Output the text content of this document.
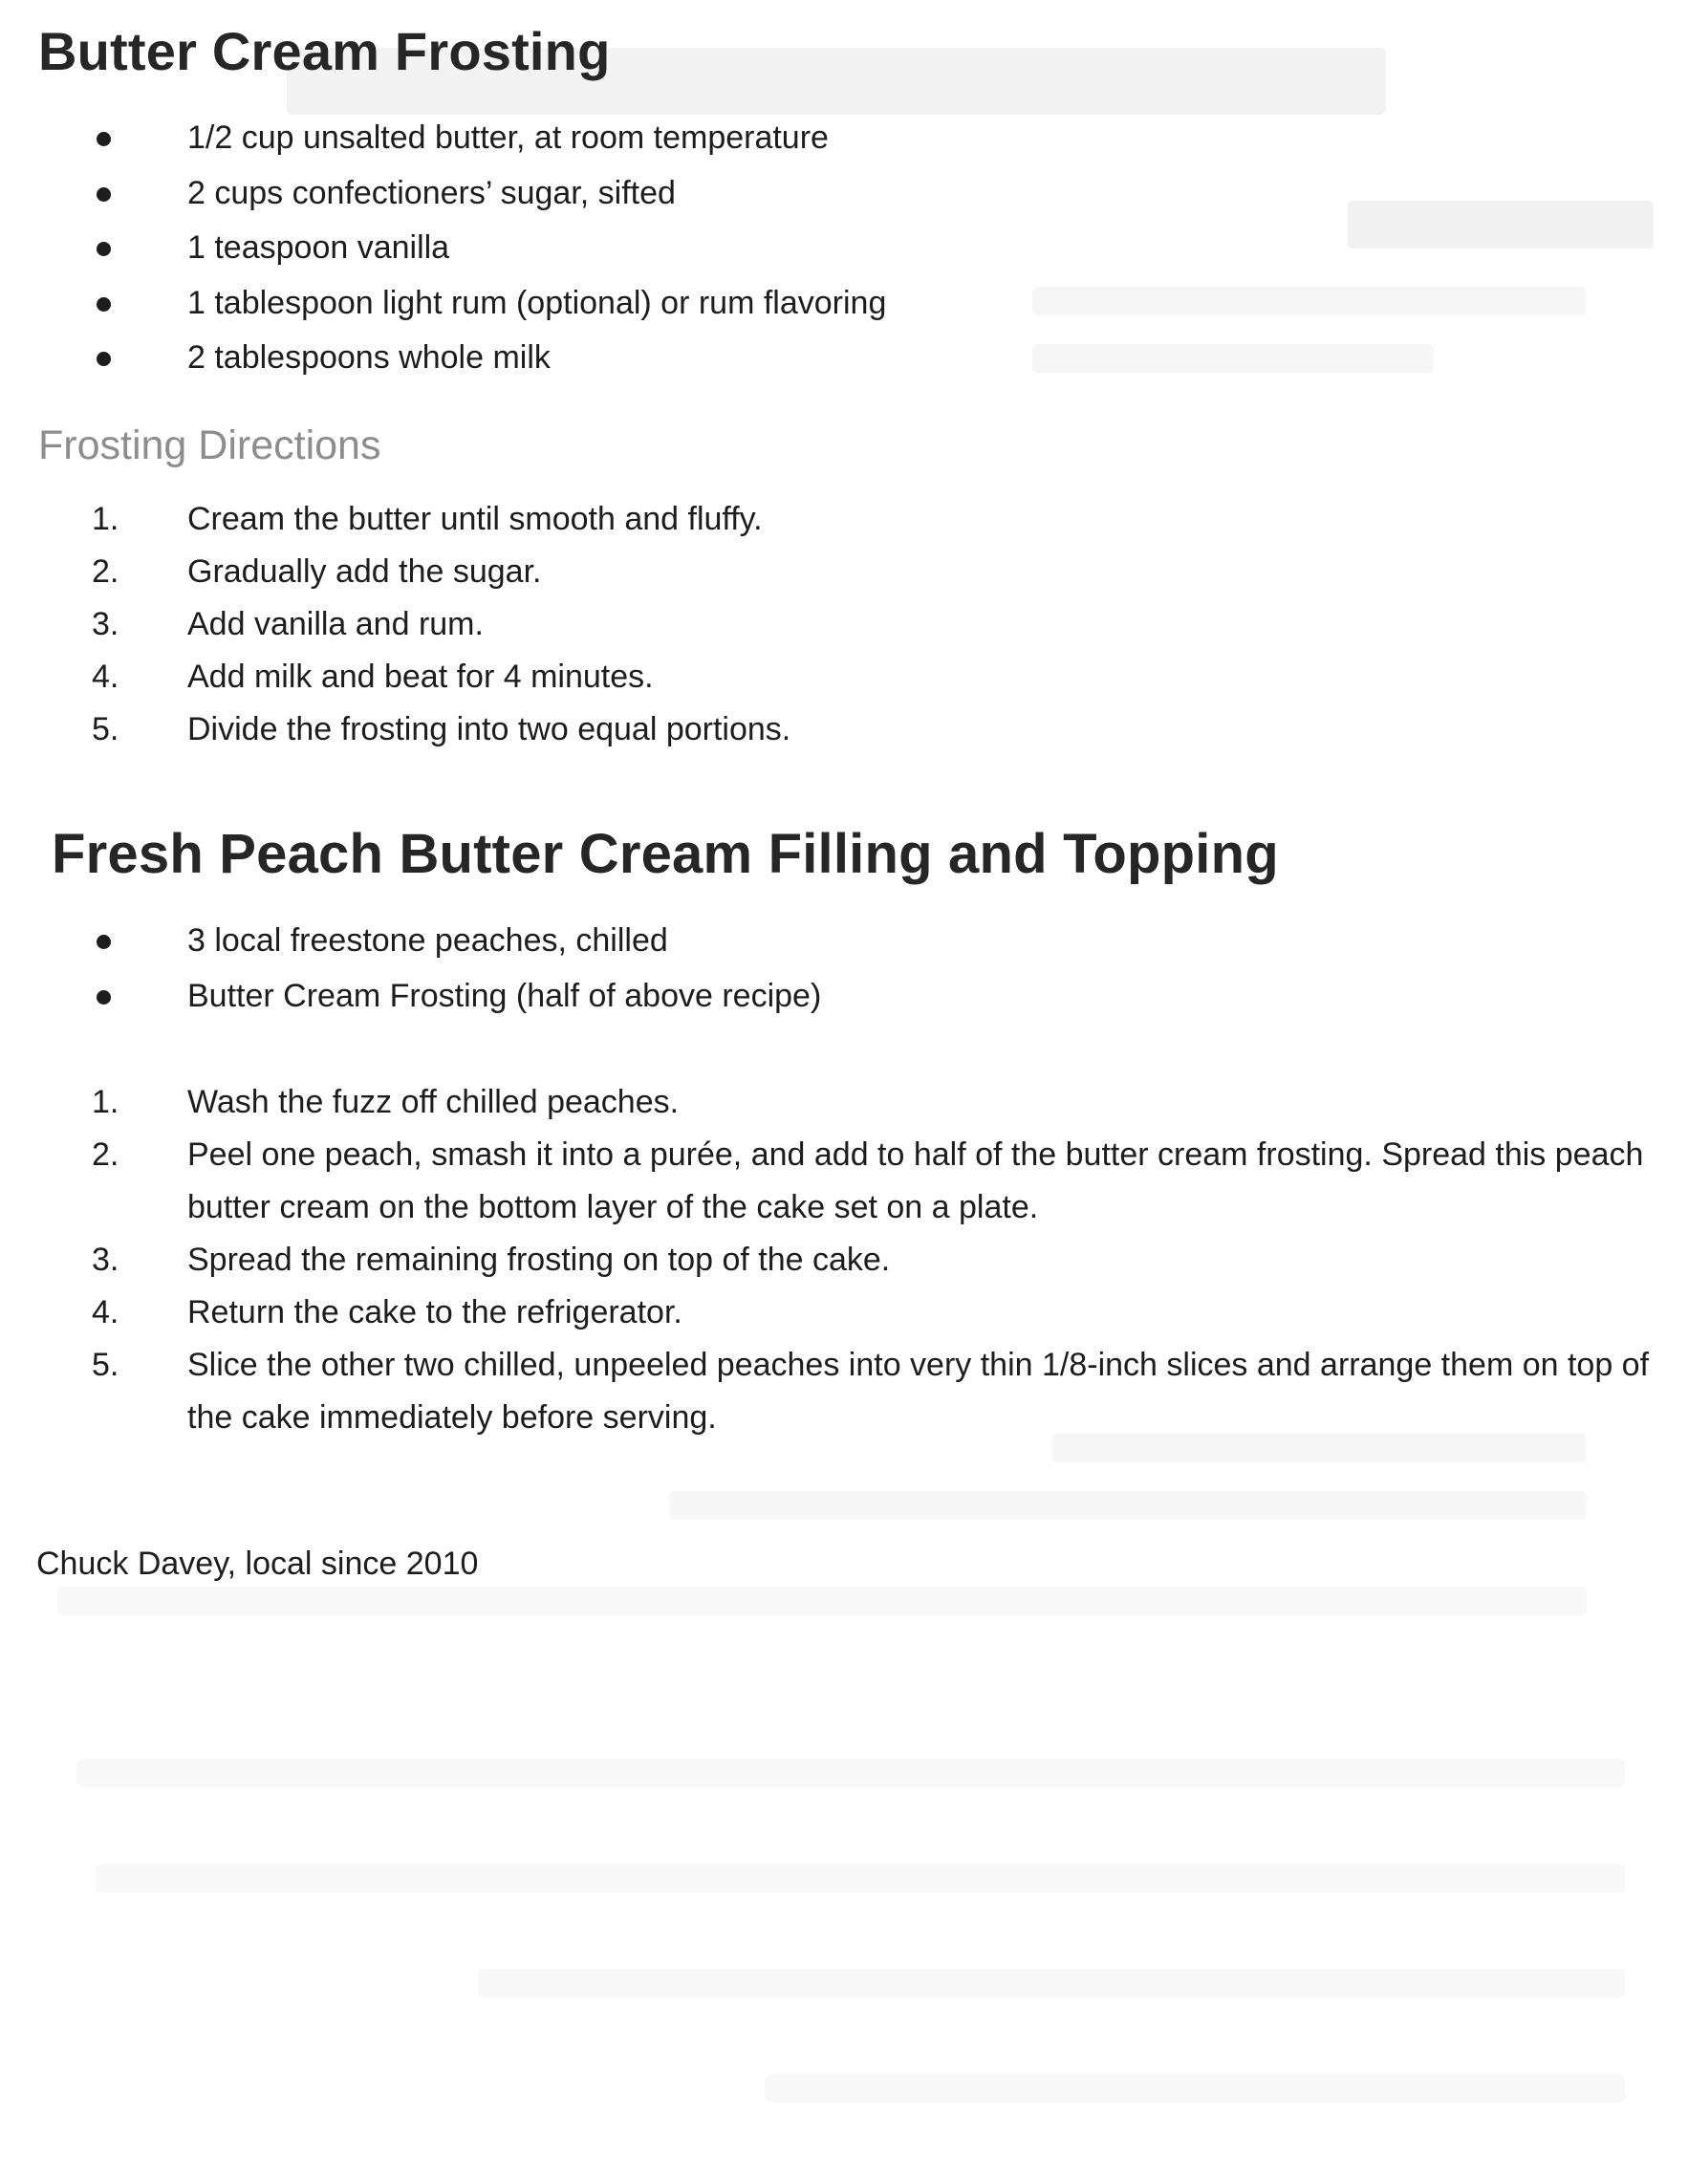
Butter Cream Frosting
1/2 cup unsalted butter, at room temperature
2 cups confectioners’ sugar, sifted
1 teaspoon vanilla
1 tablespoon light rum (optional) or rum flavoring
2 tablespoons whole milk
Frosting Directions
1.	Cream the butter until smooth and fluffy.
2.	Gradually add the sugar.
3.	Add vanilla and rum.
4.	Add milk and beat for 4 minutes.
5.	Divide the frosting into two equal portions.
Fresh Peach Butter Cream Filling and Topping
3 local freestone peaches, chilled
Butter Cream Frosting (half of above recipe)
1.	Wash the fuzz off chilled peaches.
2.	Peel one peach, smash it into a purée, and add to half of the butter cream frosting. Spread this peach butter cream on the bottom layer of the cake set on a plate.
3.	Spread the remaining frosting on top of the cake.
4.	Return the cake to the refrigerator.
5.	Slice the other two chilled, unpeeled peaches into very thin 1/8-inch slices and arrange them on top of the cake immediately before serving.
Chuck Davey, local since 2010
